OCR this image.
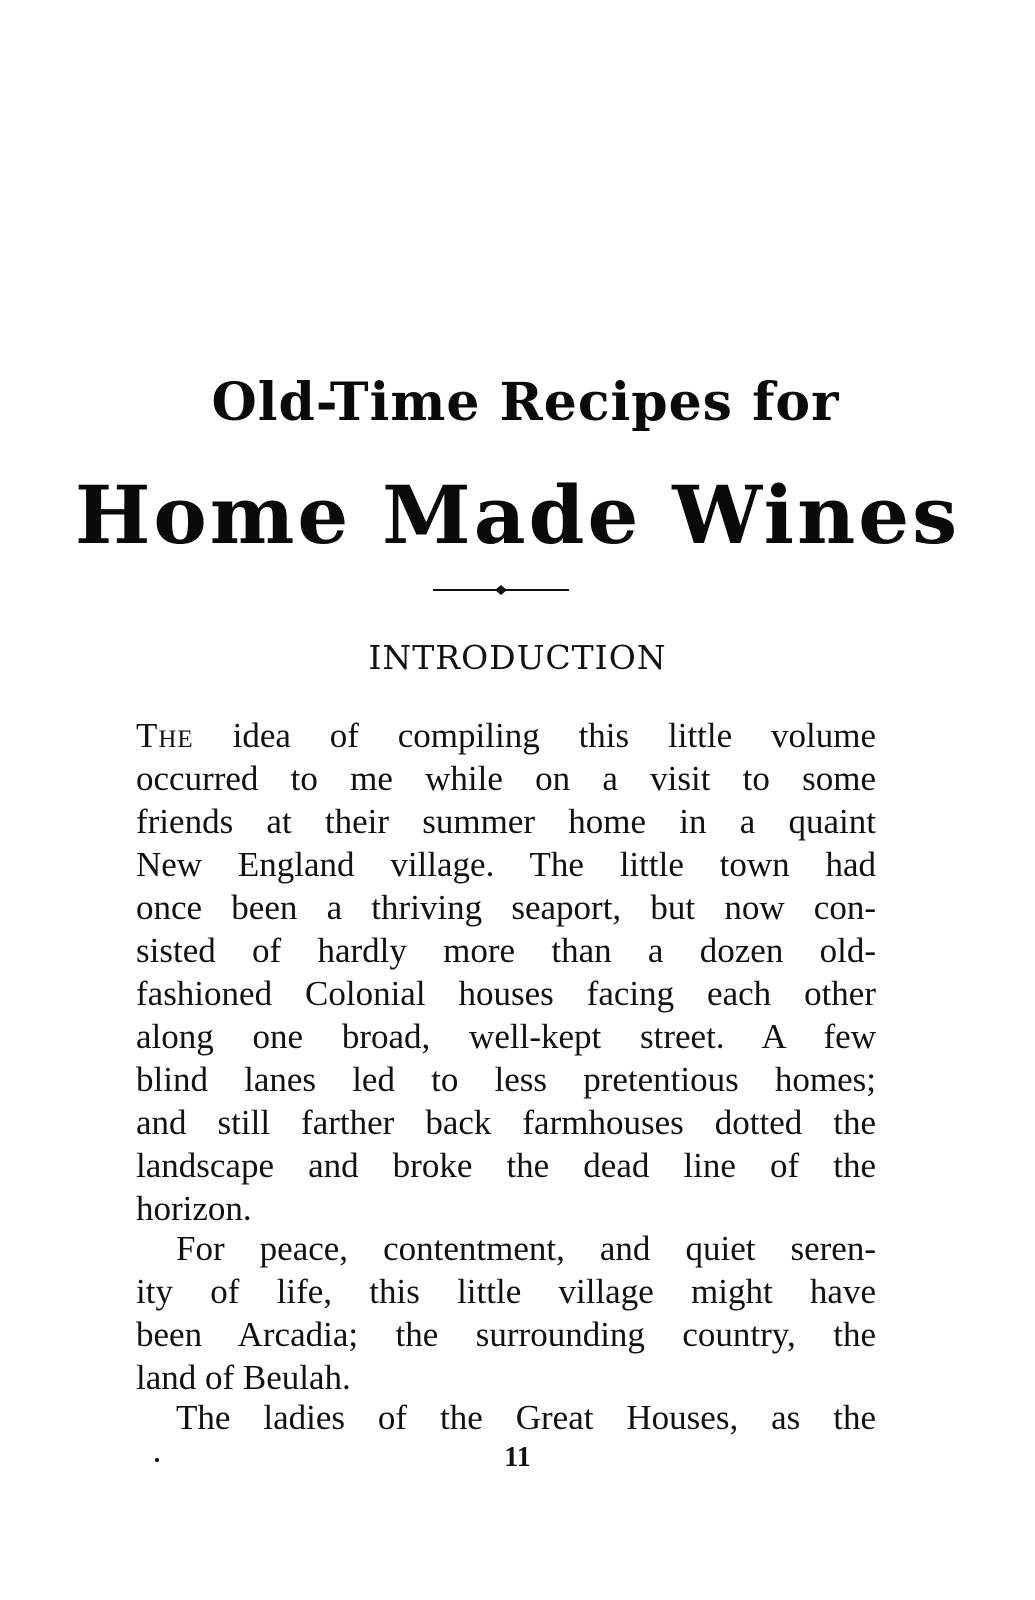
Old-Time Recipes for
Home Made Wines
INTRODUCTION
The idea of compiling this little volume
occurred to me while on a visit to some
friends at their summer home in a quaint
New England village. The little town had
once been a thriving seaport, but now con-
sisted of hardly more than a dozen old-
fashioned Colonial houses facing each other
along one broad, well-kept street. A few
blind lanes led to less pretentious homes;
and still farther back farmhouses dotted the
landscape and broke the dead line of the
horizon.
For peace, contentment, and quiet seren-
ity of life, this little village might have
been Arcadia; the surrounding country, the
land of Beulah.
The ladies of the Great Houses, as the
11
